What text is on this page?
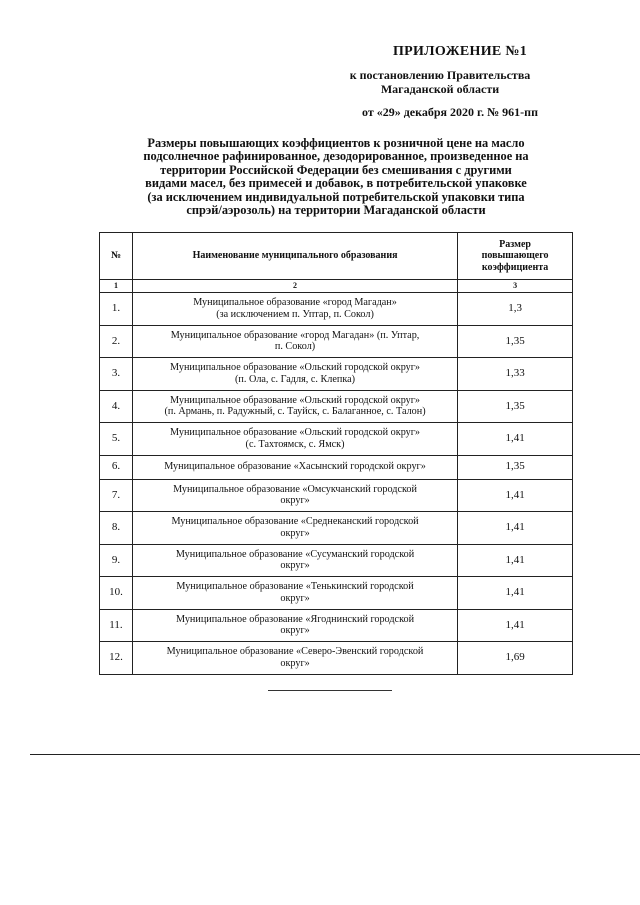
ПРИЛОЖЕНИЕ №1
к постановлению Правительства
Магаданской области
от «29» декабря 2020 г. № 961-пп
Размеры повышающих коэффициентов к розничной цене на масло
подсолнечное рафинированное, дезодорированное, произведенное на
территории Российской Федерации без смешивания с другими
видами масел, без примесей и добавок, в потребительской упаковке
(за исключением индивидуальной потребительской упаковки типа
спрэй/аэрозоль) на территории Магаданской области
№	Наименование муниципального образования	Размер
повышающего
коэффициента

1	2	3
1.	Муниципальное образование «город Магадан»
(за исключением п. Уптар, п. Сокол)	1,3
2.	Муниципальное образование «город Магадан» (п. Уптар,
п. Сокол)	1,35
3.	Муниципальное образование «Ольский городской округ»
(п. Ола, с. Гадля, с. Клепка)	1,33
4.	Муниципальное образование «Ольский городской округ»
(п. Армань, п. Радужный, с. Тауйск, с. Балаганное, с. Талон)	1,35
5.	Муниципальное образование «Ольский городской округ»
(с. Тахтоямск, с. Ямск)	1,41
6.	Муниципальное образование «Хасынский городской округ»	1,35
7.	Муниципальное образование «Омсукчанский городской
округ»	1,41
8.	Муниципальное образование «Среднеканский городской
округ»	1,41
9.	Муниципальное образование «Сусуманский городской
округ»	1,41
10.	Муниципальное образование «Тенькинский городской
округ»	1,41
11.	Муниципальное образование «Ягоднинский городской
округ»	1,41
12.	Муниципальное образование «Северо-Эвенский городской
округ»	1,69
